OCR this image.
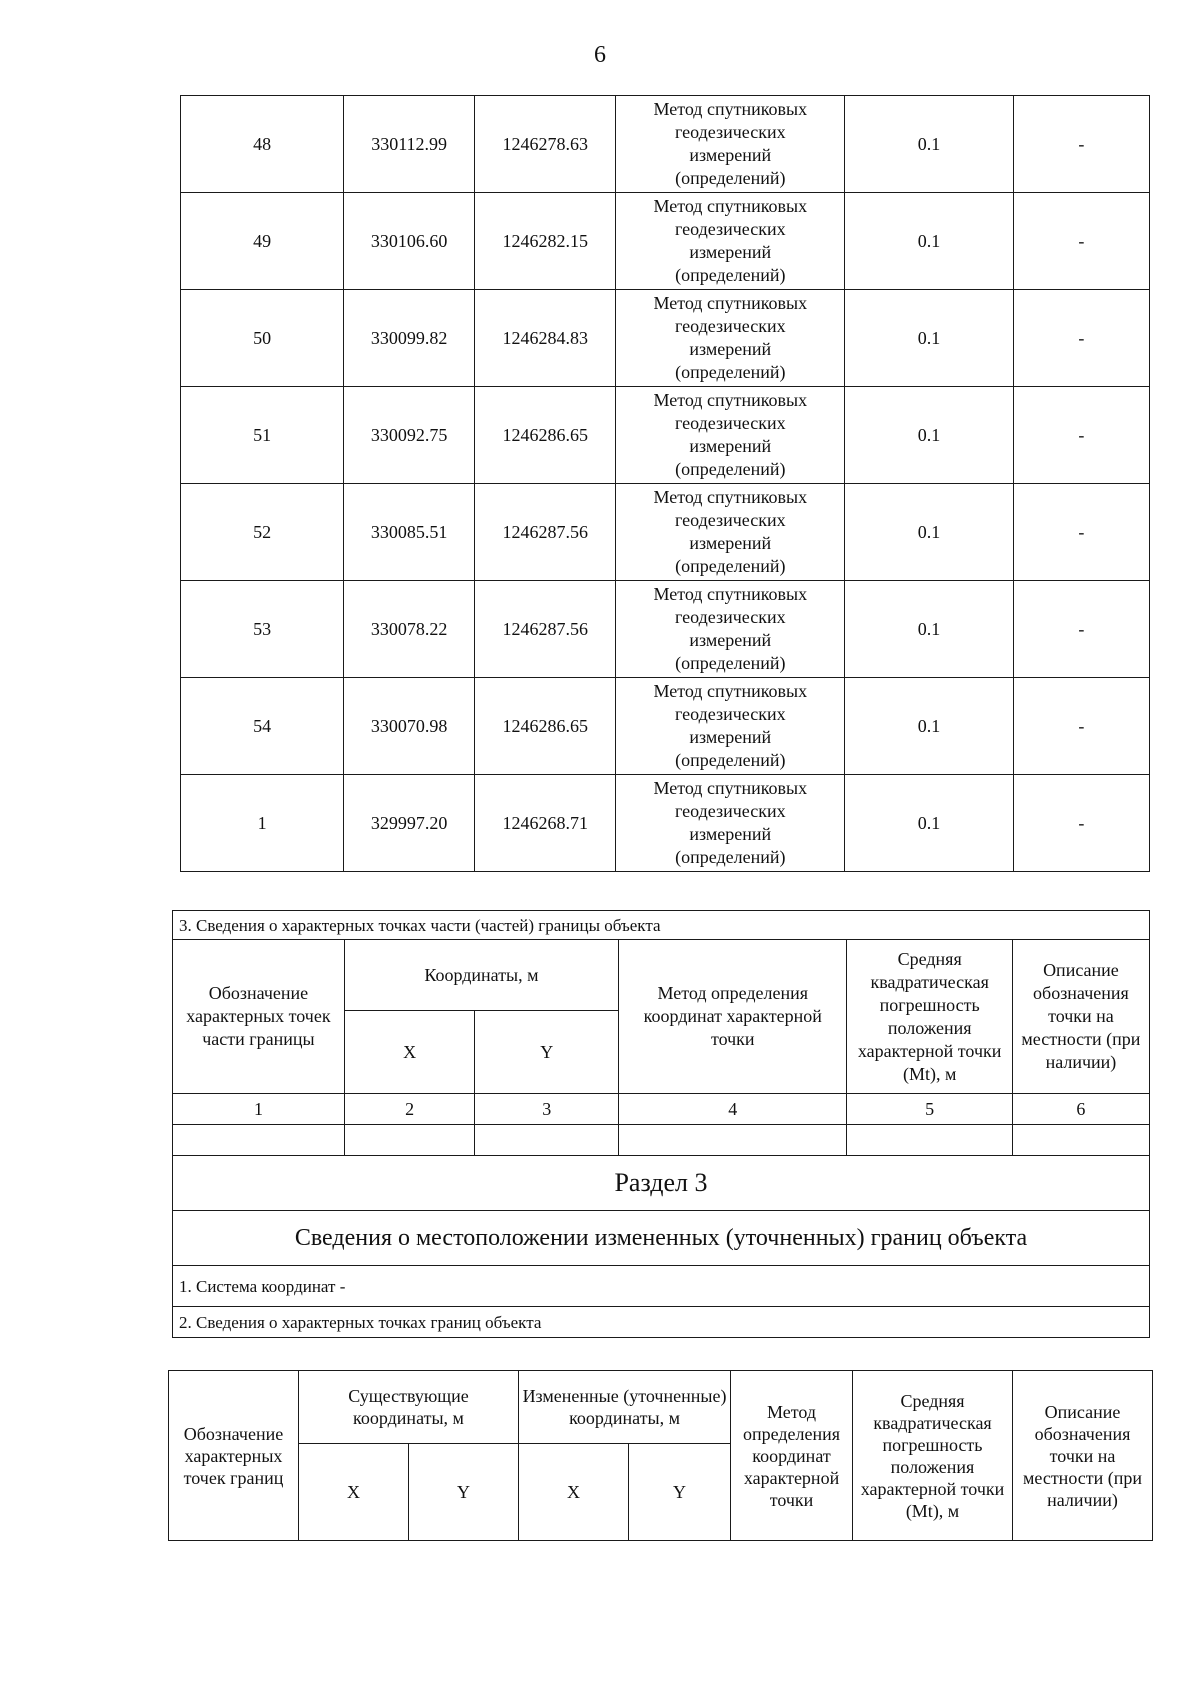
6
48	330112.99	1246278.63	Метод спутниковых
геодезических
измерений
(определений)	0.1	-
49	330106.60	1246282.15	Метод спутниковых
геодезических
измерений
(определений)	0.1	-
50	330099.82	1246284.83	Метод спутниковых
геодезических
измерений
(определений)	0.1	-
51	330092.75	1246286.65	Метод спутниковых
геодезических
измерений
(определений)	0.1	-
52	330085.51	1246287.56	Метод спутниковых
геодезических
измерений
(определений)	0.1	-
53	330078.22	1246287.56	Метод спутниковых
геодезических
измерений
(определений)	0.1	-
54	330070.98	1246286.65	Метод спутниковых
геодезических
измерений
(определений)	0.1	-
1	329997.20	1246268.71	Метод спутниковых
геодезических
измерений
(определений)	0.1	-
3. Сведения о характерных точках части (частей) границы объекта					
Обозначение характерных точек части границы	Координаты, м		Метод определения координат характерной точки	Средняя квадратическая погрешность положения характерной точки (Mt), м	Описание обозначения точки на местности (при наличии)
	X	Y			
1	2	3	4	5	6

Раздел 3					
Сведения о местоположении измененных (уточненных) границ объекта					
1. Система координат -					
2. Сведения о характерных точках границ объекта					
Обозначение характерных точек границ	Существующие координаты, м		Измененные (уточненные) координаты, м		Метод определения координат характерной точки	Средняя квадратическая погрешность положения характерной точки (Mt), м	Описание обозначения точки на местности (при наличии)
	X	Y	X	Y			
